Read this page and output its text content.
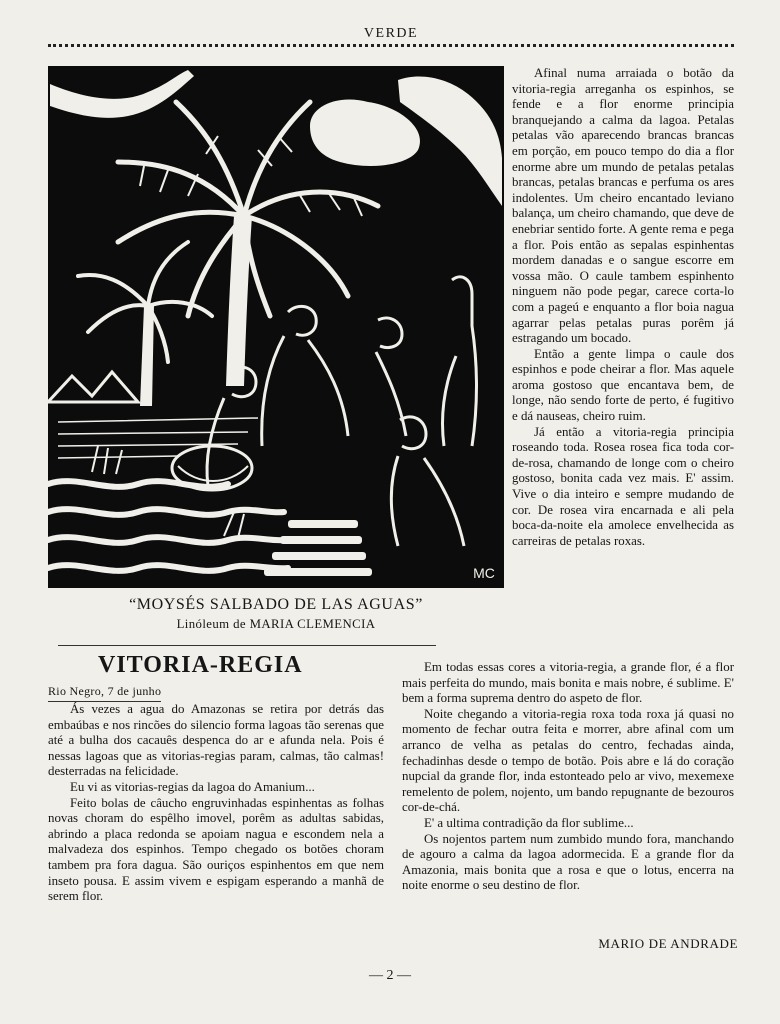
VERDE
MC

Afinal numa arraiada o botão da vitoria-regia arreganha os espinhos, se fende e a flor enorme principia branquejando a calma da lagoa. Petalas petalas vão aparecendo brancas brancas em porção, em pouco tempo do dia a flor enorme abre um mundo de petalas petalas brancas, petalas brancas e perfuma os ares indolentes. Um cheiro encantado leviano balança, um cheiro chamando, que deve de enebriar sentido forte. A gente rema e pega a flor. Pois então as sepalas espinhentas mordem danadas e o sangue escorre em vossa mão. O caule tambem espinhento ninguem não pode pegar, carece corta-lo com a pageú e enquanto a flor boia nagua agarrar pelas petalas puras porêm já estragando um bocado.

Então a gente limpa o caule dos espinhos e pode cheirar a flor. Mas aquele aroma gostoso que encantava bem, de longe, não sendo forte de perto, é fugitivo e dá nauseas, cheiro ruim.

Já então a vitoria-regia principia roseando toda. Rosea rosea fica toda cor-de-rosa, chamando de longe com o cheiro gostoso, bonita cada vez mais. E' assim. Vive o dia inteiro e sempre mudando de cor. De rosea vira encarnada e ali pela boca-da-noite ela amolece envelhecida as carreiras de petalas roxas.

“MOYSÉS SALBADO DE LAS AGUAS”
Linóleum de MARIA CLEMENCIA
VITORIA-REGIA
Rio Negro, 7 de junho

Ás vezes a agua do Amazonas se retira por detrás das embaúbas e nos rincões do silencio forma lagoas tão serenas que até a bulha dos cacauês despenca do ar e afunda nela. Pois é nessas lagoas que as vitorias-regias param, calmas, tão calmas! desterradas na felicidade.

Eu vi as vitorias-regias da lagoa do Amanium...

Feito bolas de câucho engruvinhadas espinhentas as folhas novas choram do espêlho imovel, porêm as adultas sabidas, abrindo a placa redonda se apoiam nagua e escondem nela a malvadeza dos espinhos. Tempo chegado os botões choram tambem pra fora dagua. São ouriços espinhentos em que nem inseto pousa. E assim vivem e espigam esperando a manhã de serem flor.

Em todas essas cores a vitoria-regia, a grande flor, é a flor mais perfeita do mundo, mais bonita e mais nobre, é sublime. E' bem a forma suprema dentro do aspeto de flor.

Noite chegando a vitoria-regia roxa toda roxa já quasi no momento de fechar outra feita e morrer, abre afinal com um arranco de velha as petalas do centro, fechadas ainda, fechadinhas desde o tempo de botão. Pois abre e lá do coração nupcial da grande flor, inda estonteado pelo ar vivo, mexemexe remelento de polem, nojento, um bando repugnante de bezouros cor-de-chá.

E' a ultima contradição da flor sublime...

Os nojentos partem num zumbido mundo fora, manchando de agouro a calma da lagoa adormecida. E a grande flor da Amazonia, mais bonita que a rosa e que o lotus, encerra na noite enorme o seu destino de flor.

MARIO DE ANDRADE
— 2 —
